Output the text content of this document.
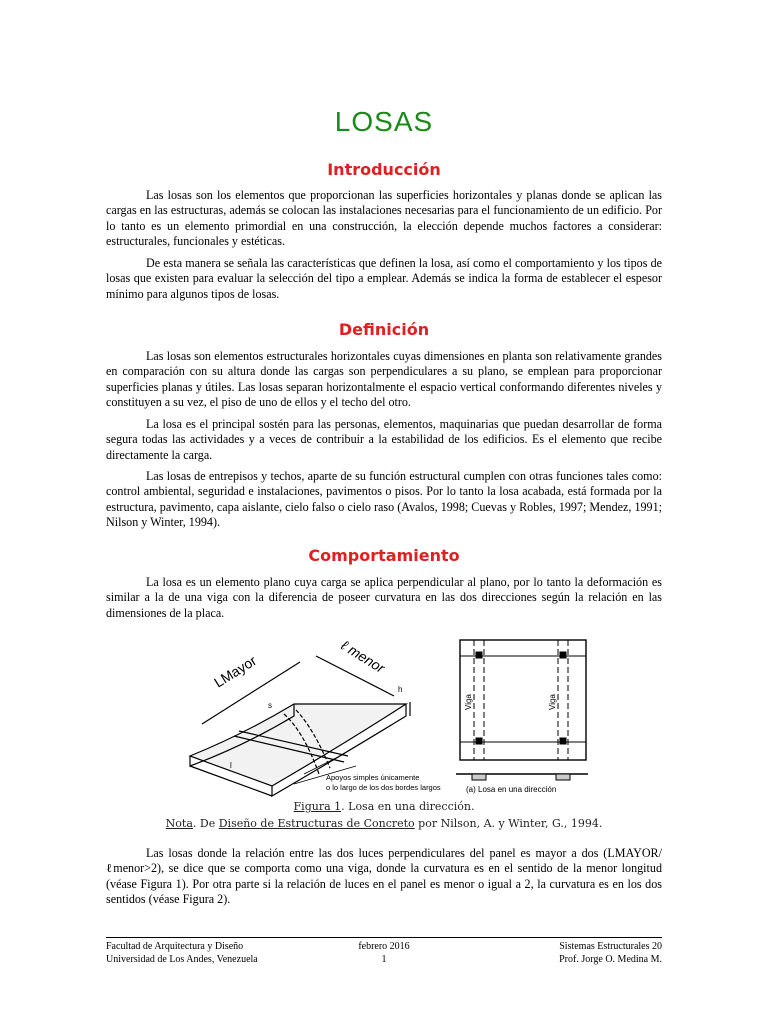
LOSAS
Introducción

Las losas son los elementos que proporcionan las superficies horizontales y planas donde se aplican las cargas en las estructuras, además se colocan las instalaciones necesarias para el funcionamiento de un edificio. Por lo tanto es un elemento primordial en una construcción, la elección depende muchos factores a considerar: estructurales, funcionales y estéticas.

De esta manera se señala las características que definen la losa, así como el comportamiento y los tipos de losas que existen para evaluar la selección del tipo a emplear. Además se indica la forma de establecer el espesor mínimo para algunos tipos de losas.

Definición

Las losas son elementos estructurales horizontales cuyas dimensiones en planta son relativamente grandes en comparación con su altura donde las cargas son perpendiculares a su plano, se emplean para proporcionar superficies planas y útiles. Las losas separan horizontalmente el espacio vertical conformando diferentes niveles y constituyen a su vez, el piso de uno de ellos y el techo del otro.

La losa es el principal sostén para las personas, elementos, maquinarias que puedan desarrollar de forma segura todas las actividades y a veces de contribuir a la estabilidad de los edificios. Es el elemento que recibe directamente la carga.

Las losas de entrepisos y techos, aparte de su función estructural cumplen con otras funciones tales como: control ambiental, seguridad e instalaciones, pavimentos o pisos. Por lo tanto la losa acabada, está formada por la estructura, pavimento, capa aislante, cielo falso o cielo raso (Avalos, 1998; Cuevas y Robles, 1997; Mendez, 1991; Nilson y Winter, 1994).

Comportamiento

La losa es un elemento plano cuya carga se aplica perpendicular al plano, por lo tanto la deformación es similar a la de una viga con la diferencia de poseer curvatura en las dos direcciones según la relación en las dimensiones de la placa.

LMayor	ℓ menor
h
s
l
Apoyos simples únicamente
o lo largo de los dos bordes largos
Viga	Viga
(a) Losa en una dirección
Figura 1. Losa en una dirección.
Nota. De Diseño de Estructuras de Concreto por Nilson, A. y Winter, G., 1994.

Las losas donde la relación entre las dos luces perpendiculares del panel es mayor a dos (LMAYOR/ℓmenor>2), se dice que se comporta como una viga, donde la curvatura es en el sentido de la menor longitud (véase Figura 1). Por otra parte si la relación de luces en el panel es menor o igual a 2, la curvatura es en los dos sentidos (véase Figura 2).

Facultad de Arquitectura y Diseño
Universidad de Los Andes, Venezuela
febrero 2016
1
Sistemas Estructurales 20
Prof. Jorge O. Medina M.
